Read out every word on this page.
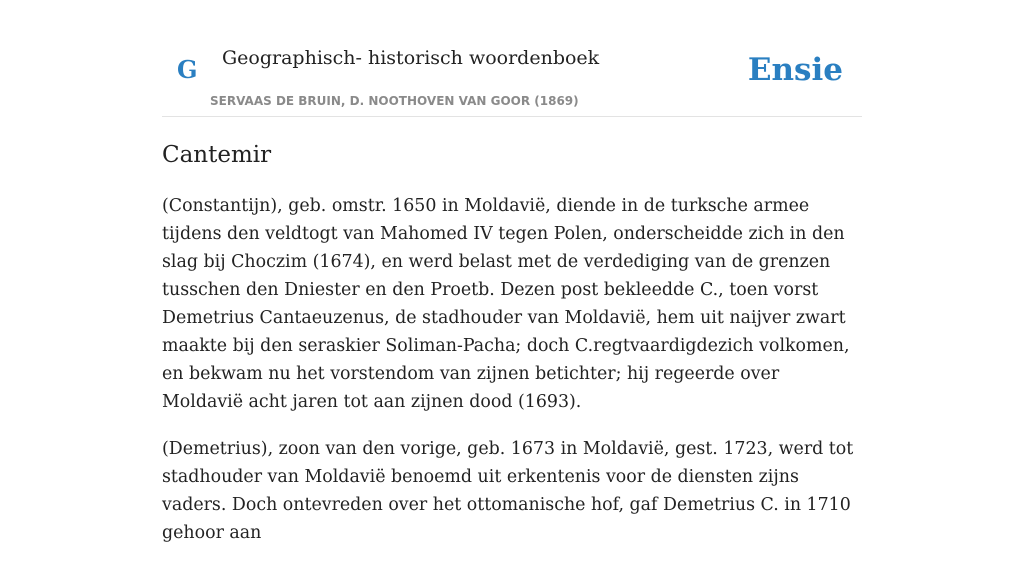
G Geographisch- historisch woordenboek
SERVAAS DE BRUIN, D. NOOTHOVEN VAN GOOR (1869)
Ensie
Cantemir

(Constantijn), geb. omstr. 1650 in Moldavië, diende in de turksche armee tijdens den veldtogt van Mahomed IV tegen Polen, onderscheidde zich in den slag bij Choczim (1674), en werd belast met de verdediging van de grenzen tusschen den Dniester en den Proetb. Dezen post bekleedde C., toen vorst Demetrius Cantaeuzenus, de stadhouder van Moldavië, hem uit naijver zwart maakte bij den seraskier Soliman-Pacha; doch C.regtvaardigdezich volkomen, en bekwam nu het vorstendom van zijnen betichter; hij regeerde over Moldavië acht jaren tot aan zijnen dood (1693).

(Demetrius), zoon van den vorige, geb. 1673 in Moldavië, gest. 1723, werd tot stadhouder van Moldavië benoemd uit erkentenis voor de diensten zijns vaders. Doch ontevreden over het ottomanische hof, gaf Demetrius C. in 1710 gehoor aan
